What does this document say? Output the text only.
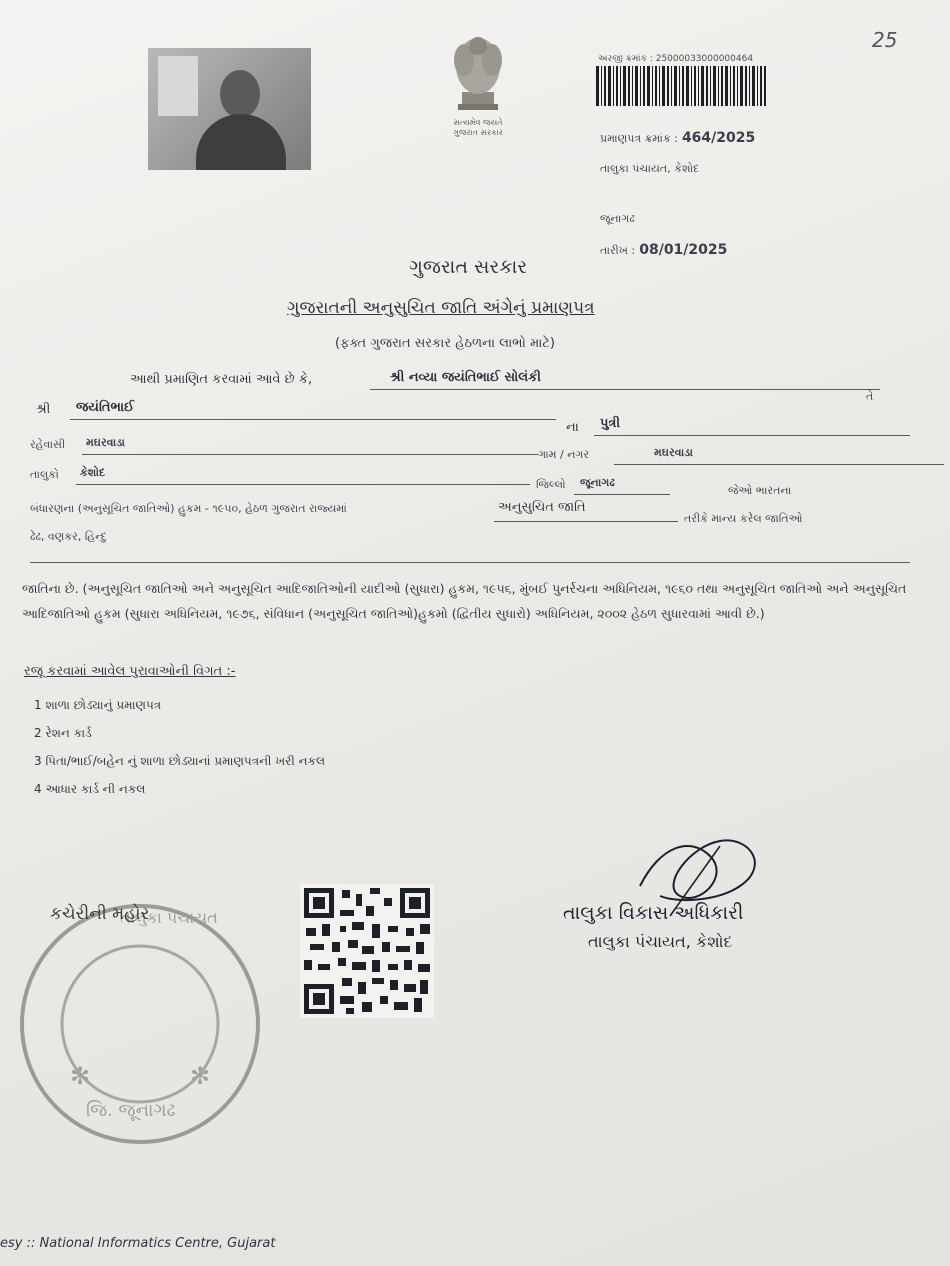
25
સત્યમેવ જયતે
ગુજરાત સરકાર
અરજી ક્રમાંક : 25000033000000464
પ્રમાણપત્ર ક્રમાંક : 464/2025
તાલુકા પંચાયત, કેશોદ
જૂનાગઢ
તારીખ : 08/01/2025
ગુજરાત સરકાર
ગુજરાતની અનુસુચિત જાતિ અંગેનું પ્રમાણપત્ર
(ફક્ત ગુજરાત સરકાર હેઠળના લાભો માટે)
આથી પ્રમાણિત કરવામાં આવે છે કે,	શ્રી નવ્યા જયંતિભાઈ સોલંકી
તે
શ્રી	જયંતિભાઈ
ના	પુત્રી
રહેવાસી	મઘરવાડા
ગામ / નગર	મઘરવાડા
તાલુકો	કેશોદ
જિલ્લો	જૂનાગઢ
જેઓ ભારતના
બંધારણના (અનુસૂચિત જાતિઓ) હુકમ - ૧૯૫૦, હેઠળ ગુજરાત રાજ્યમાં	અનુસુચિત જાતિ
તરીકે માન્ય કરેલ જાતિઓ
ઢેઢ, વણકર, હિન્દુ
જાતિના છે. (અનુસૂચિત જાતિઓ અને અનુસૂચિત આદિજાતિઓની યાદીઓ (સુધારા) હુકમ, ૧૯૫૬, મુંબઈ પુનર્રચના અધિનિયમ, ૧૯૬૦ તથા અનુસૂચિત જાતિઓ અને અનુસૂચિત આદિજાતિઓ હુકમ (સુધારા અધિનિયમ, ૧૯૭૬, સંવિધાન (અનુસૂચિત જાતિઓ)હુકમો (દ્વિતીય સુધારો) અધિનિયમ, ૨૦૦૨ હેઠળ સુધારવામાં આવી છે.)
રજૂ કરવામાં આવેલ પુરાવાઓની વિગત :-
1 શાળા છોડ્યાનું પ્રમાણપત્ર
2 રેશન કાર્ડ
3 પિતા/ભાઈ/બહેન નું શાળા છોડ્યાનાં પ્રમાણપત્રની ખરી નકલ
4 આધાર કાર્ડ ની નકલ
✻
✻
તાલુકા પંચાયત
જિ. જૂનાગઢ
કચેરીની મહોર	તાલુકા વિકાસ અધિકારી
તાલુકા પંચાયત, કેશોદ
esy :: National Informatics Centre, Gujarat
